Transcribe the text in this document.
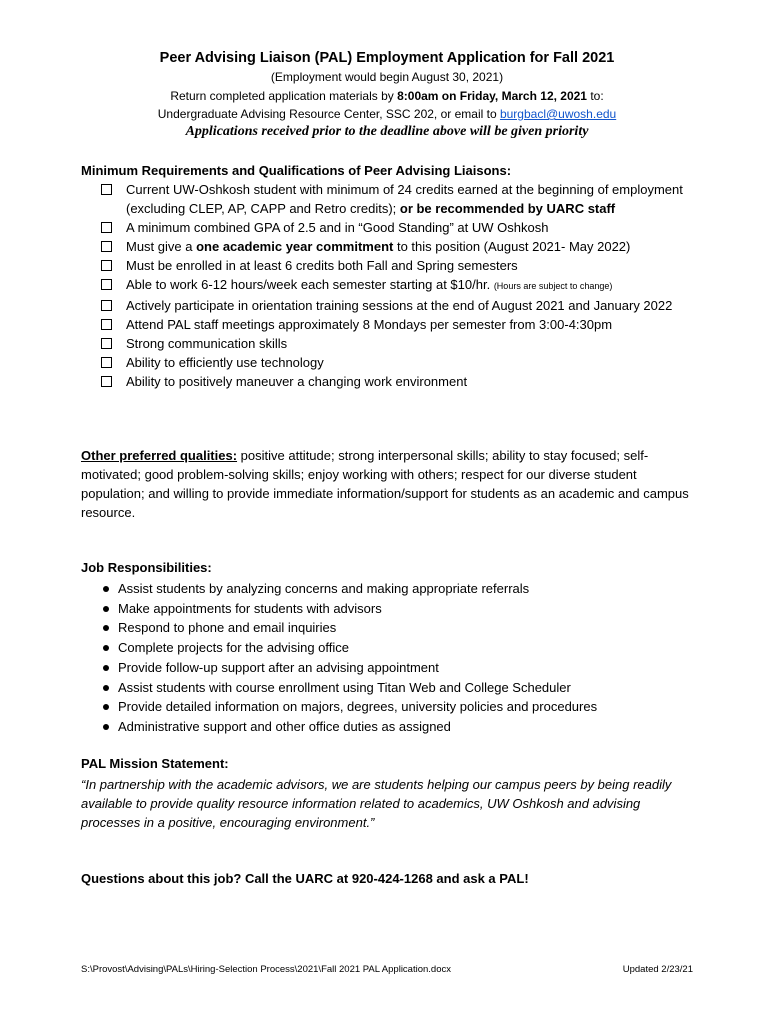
Peer Advising Liaison (PAL) Employment Application for Fall 2021
(Employment would begin August 30, 2021)
Return completed application materials by 8:00am on Friday, March 12, 2021 to:
Undergraduate Advising Resource Center, SSC 202, or email to burgbacl@uwosh.edu
Applications received prior to the deadline above will be given priority
Minimum Requirements and Qualifications of Peer Advising Liaisons:
Current UW-Oshkosh student with minimum of 24 credits earned at the beginning of employment (excluding CLEP, AP, CAPP and Retro credits); or be recommended by UARC staff
A minimum combined GPA of 2.5 and in “Good Standing” at UW Oshkosh
Must give a one academic year commitment to this position (August 2021- May 2022)
Must be enrolled in at least 6 credits both Fall and Spring semesters
Able to work 6-12 hours/week each semester starting at $10/hr. (Hours are subject to change)
Actively participate in orientation training sessions at the end of August 2021 and January 2022
Attend PAL staff meetings approximately 8 Mondays per semester from 3:00-4:30pm
Strong communication skills
Ability to efficiently use technology
Ability to positively maneuver a changing work environment
Other preferred qualities: positive attitude; strong interpersonal skills; ability to stay focused; self-motivated; good problem-solving skills; enjoy working with others; respect for our diverse student population; and willing to provide immediate information/support for students as an academic and campus resource.
Job Responsibilities:
Assist students by analyzing concerns and making appropriate referrals
Make appointments for students with advisors
Respond to phone and email inquiries
Complete projects for the advising office
Provide follow-up support after an advising appointment
Assist students with course enrollment using Titan Web and College Scheduler
Provide detailed information on majors, degrees, university policies and procedures
Administrative support and other office duties as assigned
PAL Mission Statement:
“In partnership with the academic advisors, we are students helping our campus peers by being readily available to provide quality resource information related to academics, UW Oshkosh and advising processes in a positive, encouraging environment.”
Questions about this job? Call the UARC at 920-424-1268 and ask a PAL!
S:\Provost\Advising\PALs\Hiring-Selection Process\2021\Fall 2021 PAL Application.docx	Updated 2/23/21
